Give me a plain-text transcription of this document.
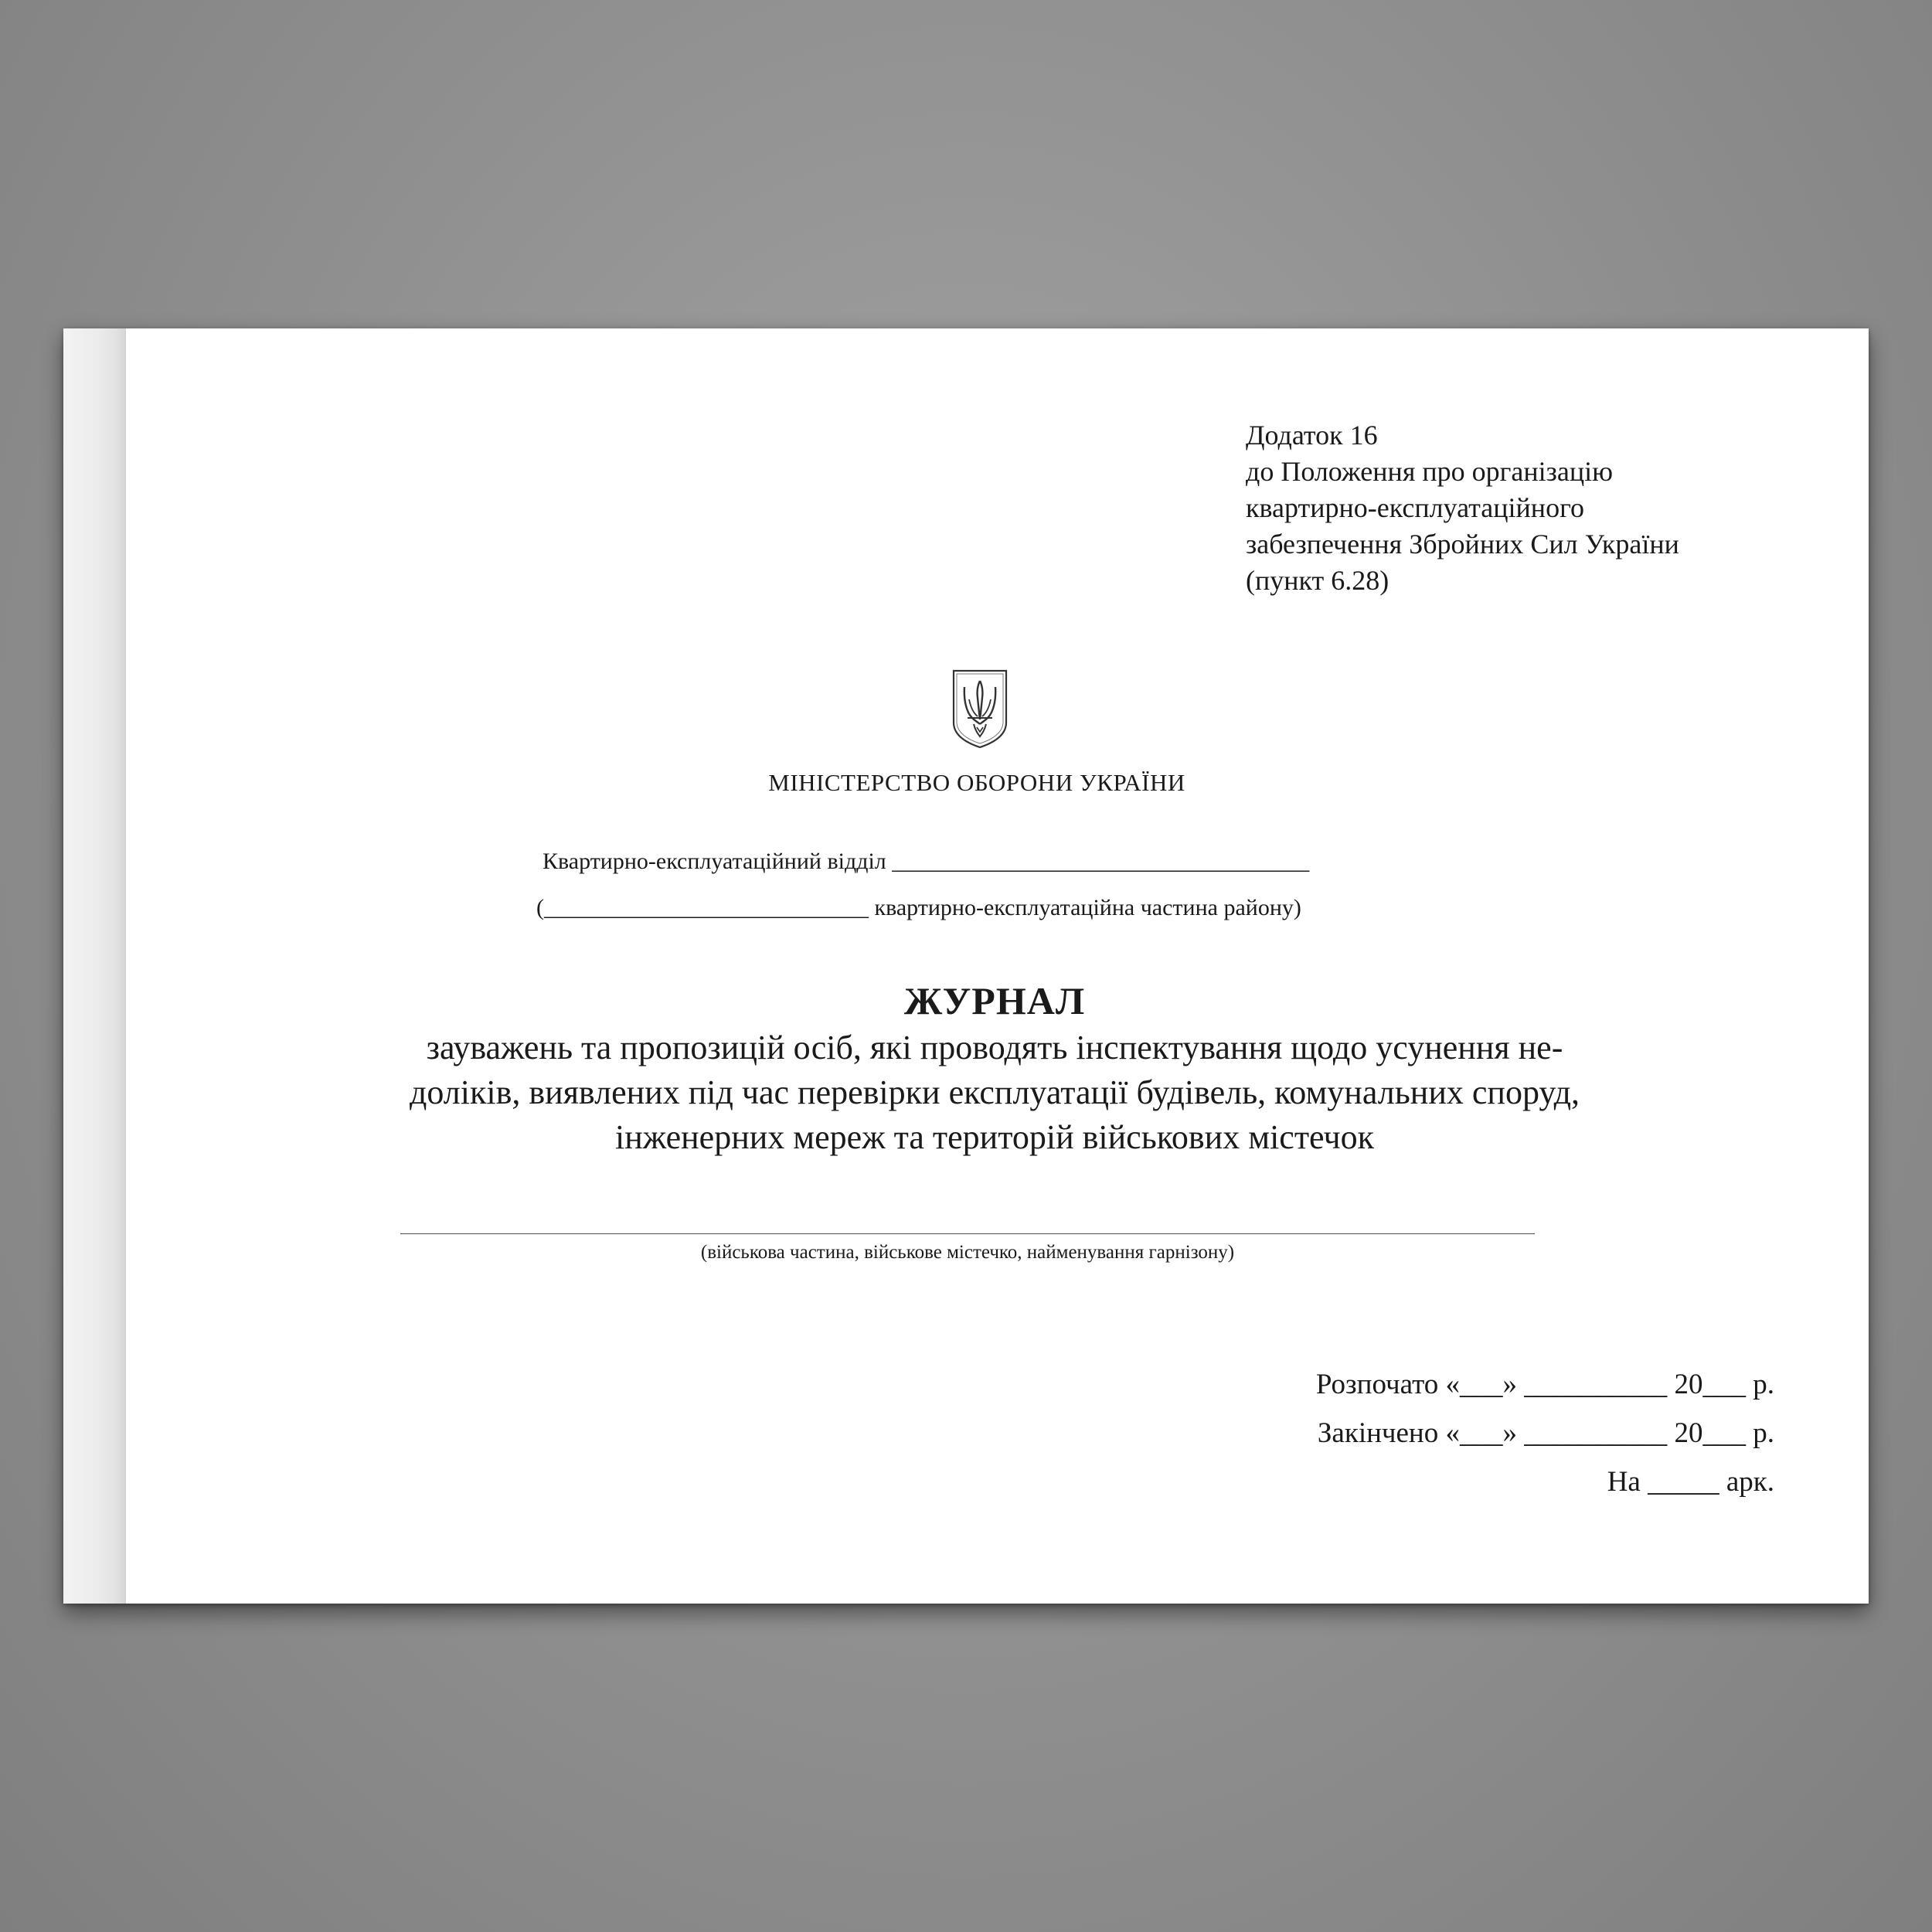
Додаток 16
до Положення про організацію
квартирно-експлуатаційного
забезпечення Збройних Сил України
(пункт 6.28)
МІНІСТЕРСТВО ОБОРОНИ УКРАЇНИ
Квартирно-експлуатаційний відділ ____________________________________
(____________________________ квартирно-експлуатаційна частина району)
ЖУРНАЛ
зауважень та пропозицій осіб, які проводять інспектування щодо усунення не-
доліків, виявлених під час перевірки експлуатації будівель, комунальних споруд,
інженерних мереж та територій військових містечок
(військова частина, військове містечко, найменування гарнізону)
Розпочато «___» __________ 20___ р.
Закінчено «___» __________ 20___ р.
На _____ арк.
